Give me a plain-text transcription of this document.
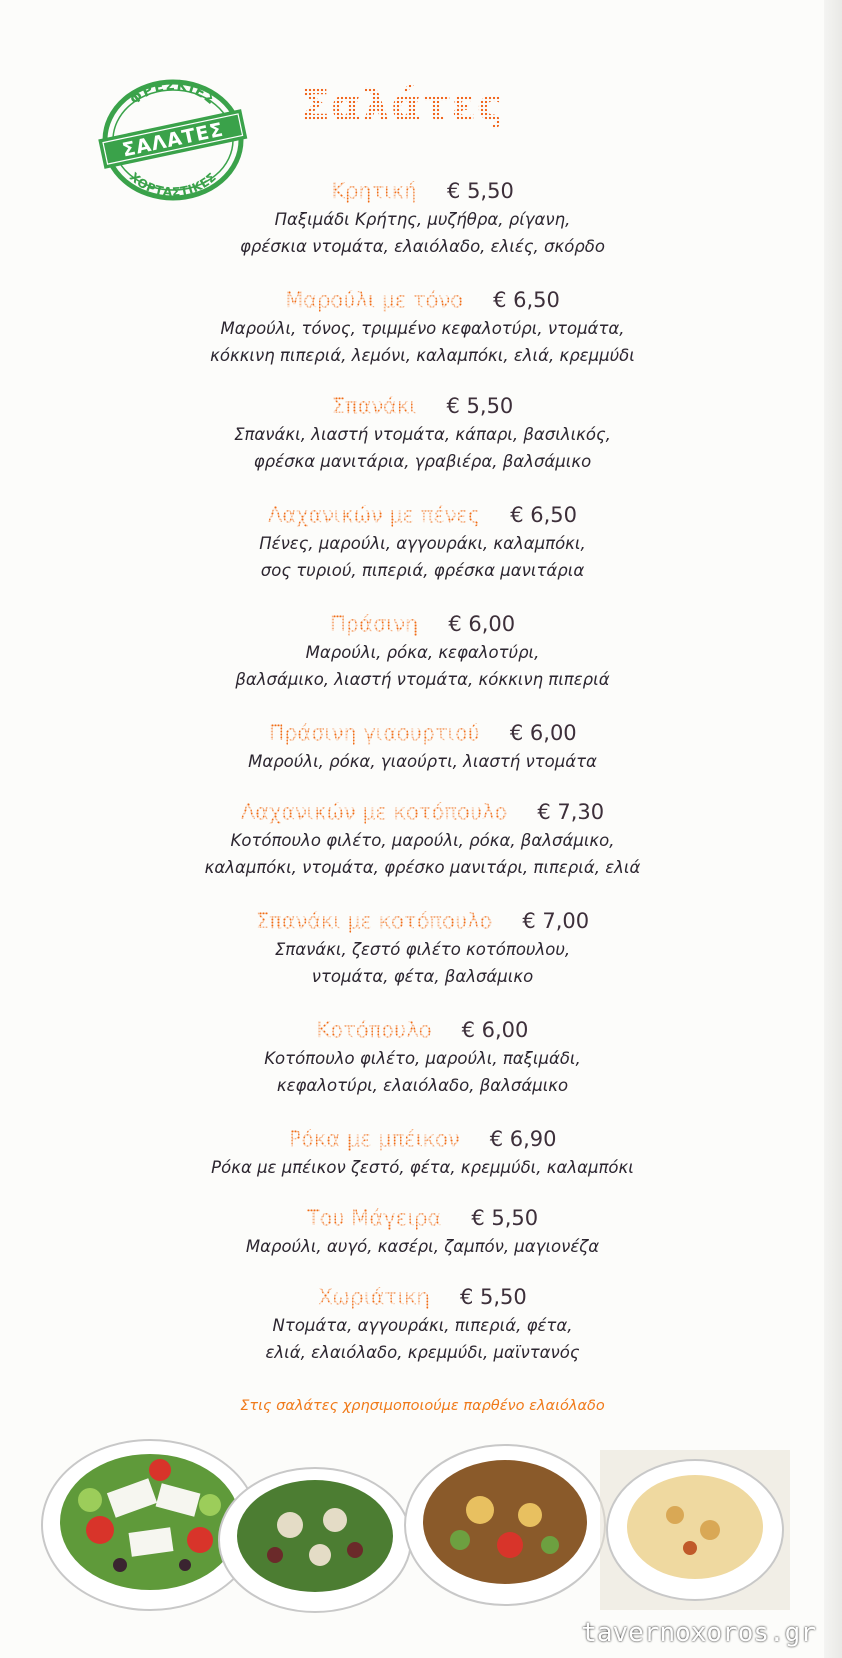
ΦΡΕΣΚΙΕΣ
ΣΑΛΑΤΕΣ
ΧΟΡΤΑΣΤΙΚΕΣ
Σαλάτες
Κρητική € 5,50
Παξιμάδι Κρήτης, μυζήθρα, ρίγανη,
φρέσκια ντομάτα, ελαιόλαδο, ελιές, σκόρδο
Μαρούλι με τόνο € 6,50
Μαρούλι, τόνος, τριμμένο κεφαλοτύρι, ντομάτα,
κόκκινη πιπεριά, λεμόνι, καλαμπόκι, ελιά, κρεμμύδι
Σπανάκι € 5,50
Σπανάκι, λιαστή ντομάτα, κάπαρι, βασιλικός,
φρέσκα μανιτάρια, γραβιέρα, βαλσάμικο
Λαχανικών με πένες € 6,50
Πένες, μαρούλι, αγγουράκι, καλαμπόκι,
σος τυριού, πιπεριά, φρέσκα μανιτάρια
Πράσινη € 6,00
Μαρούλι, ρόκα, κεφαλοτύρι,
βαλσάμικο, λιαστή ντομάτα, κόκκινη πιπεριά
Πράσινη γιαουρτιού € 6,00
Μαρούλι, ρόκα, γιαούρτι, λιαστή ντομάτα
Λαχανικών με κοτόπουλο € 7,30
Κοτόπουλο φιλέτο, μαρούλι, ρόκα, βαλσάμικο,
καλαμπόκι, ντομάτα, φρέσκο μανιτάρι, πιπεριά, ελιά
Σπανάκι με κοτόπουλο € 7,00
Σπανάκι, ζεστό φιλέτο κοτόπουλου,
ντομάτα, φέτα, βαλσάμικο
Κοτόπουλο € 6,00
Κοτόπουλο φιλέτο, μαρούλι, παξιμάδι,
κεφαλοτύρι, ελαιόλαδο, βαλσάμικο
Ρόκα με μπέικον € 6,90
Ρόκα με μπέικον ζεστό, φέτα, κρεμμύδι, καλαμπόκι
Του Μάγειρα € 5,50
Μαρούλι, αυγό, κασέρι, ζαμπόν, μαγιονέζα
Χωριάτικη € 5,50
Ντομάτα, αγγουράκι, πιπεριά, φέτα,
ελιά, ελαιόλαδο, κρεμμύδι, μαϊντανός
Στις σαλάτες χρησιμοποιούμε παρθένο ελαιόλαδο
tavernoxoros.gr
